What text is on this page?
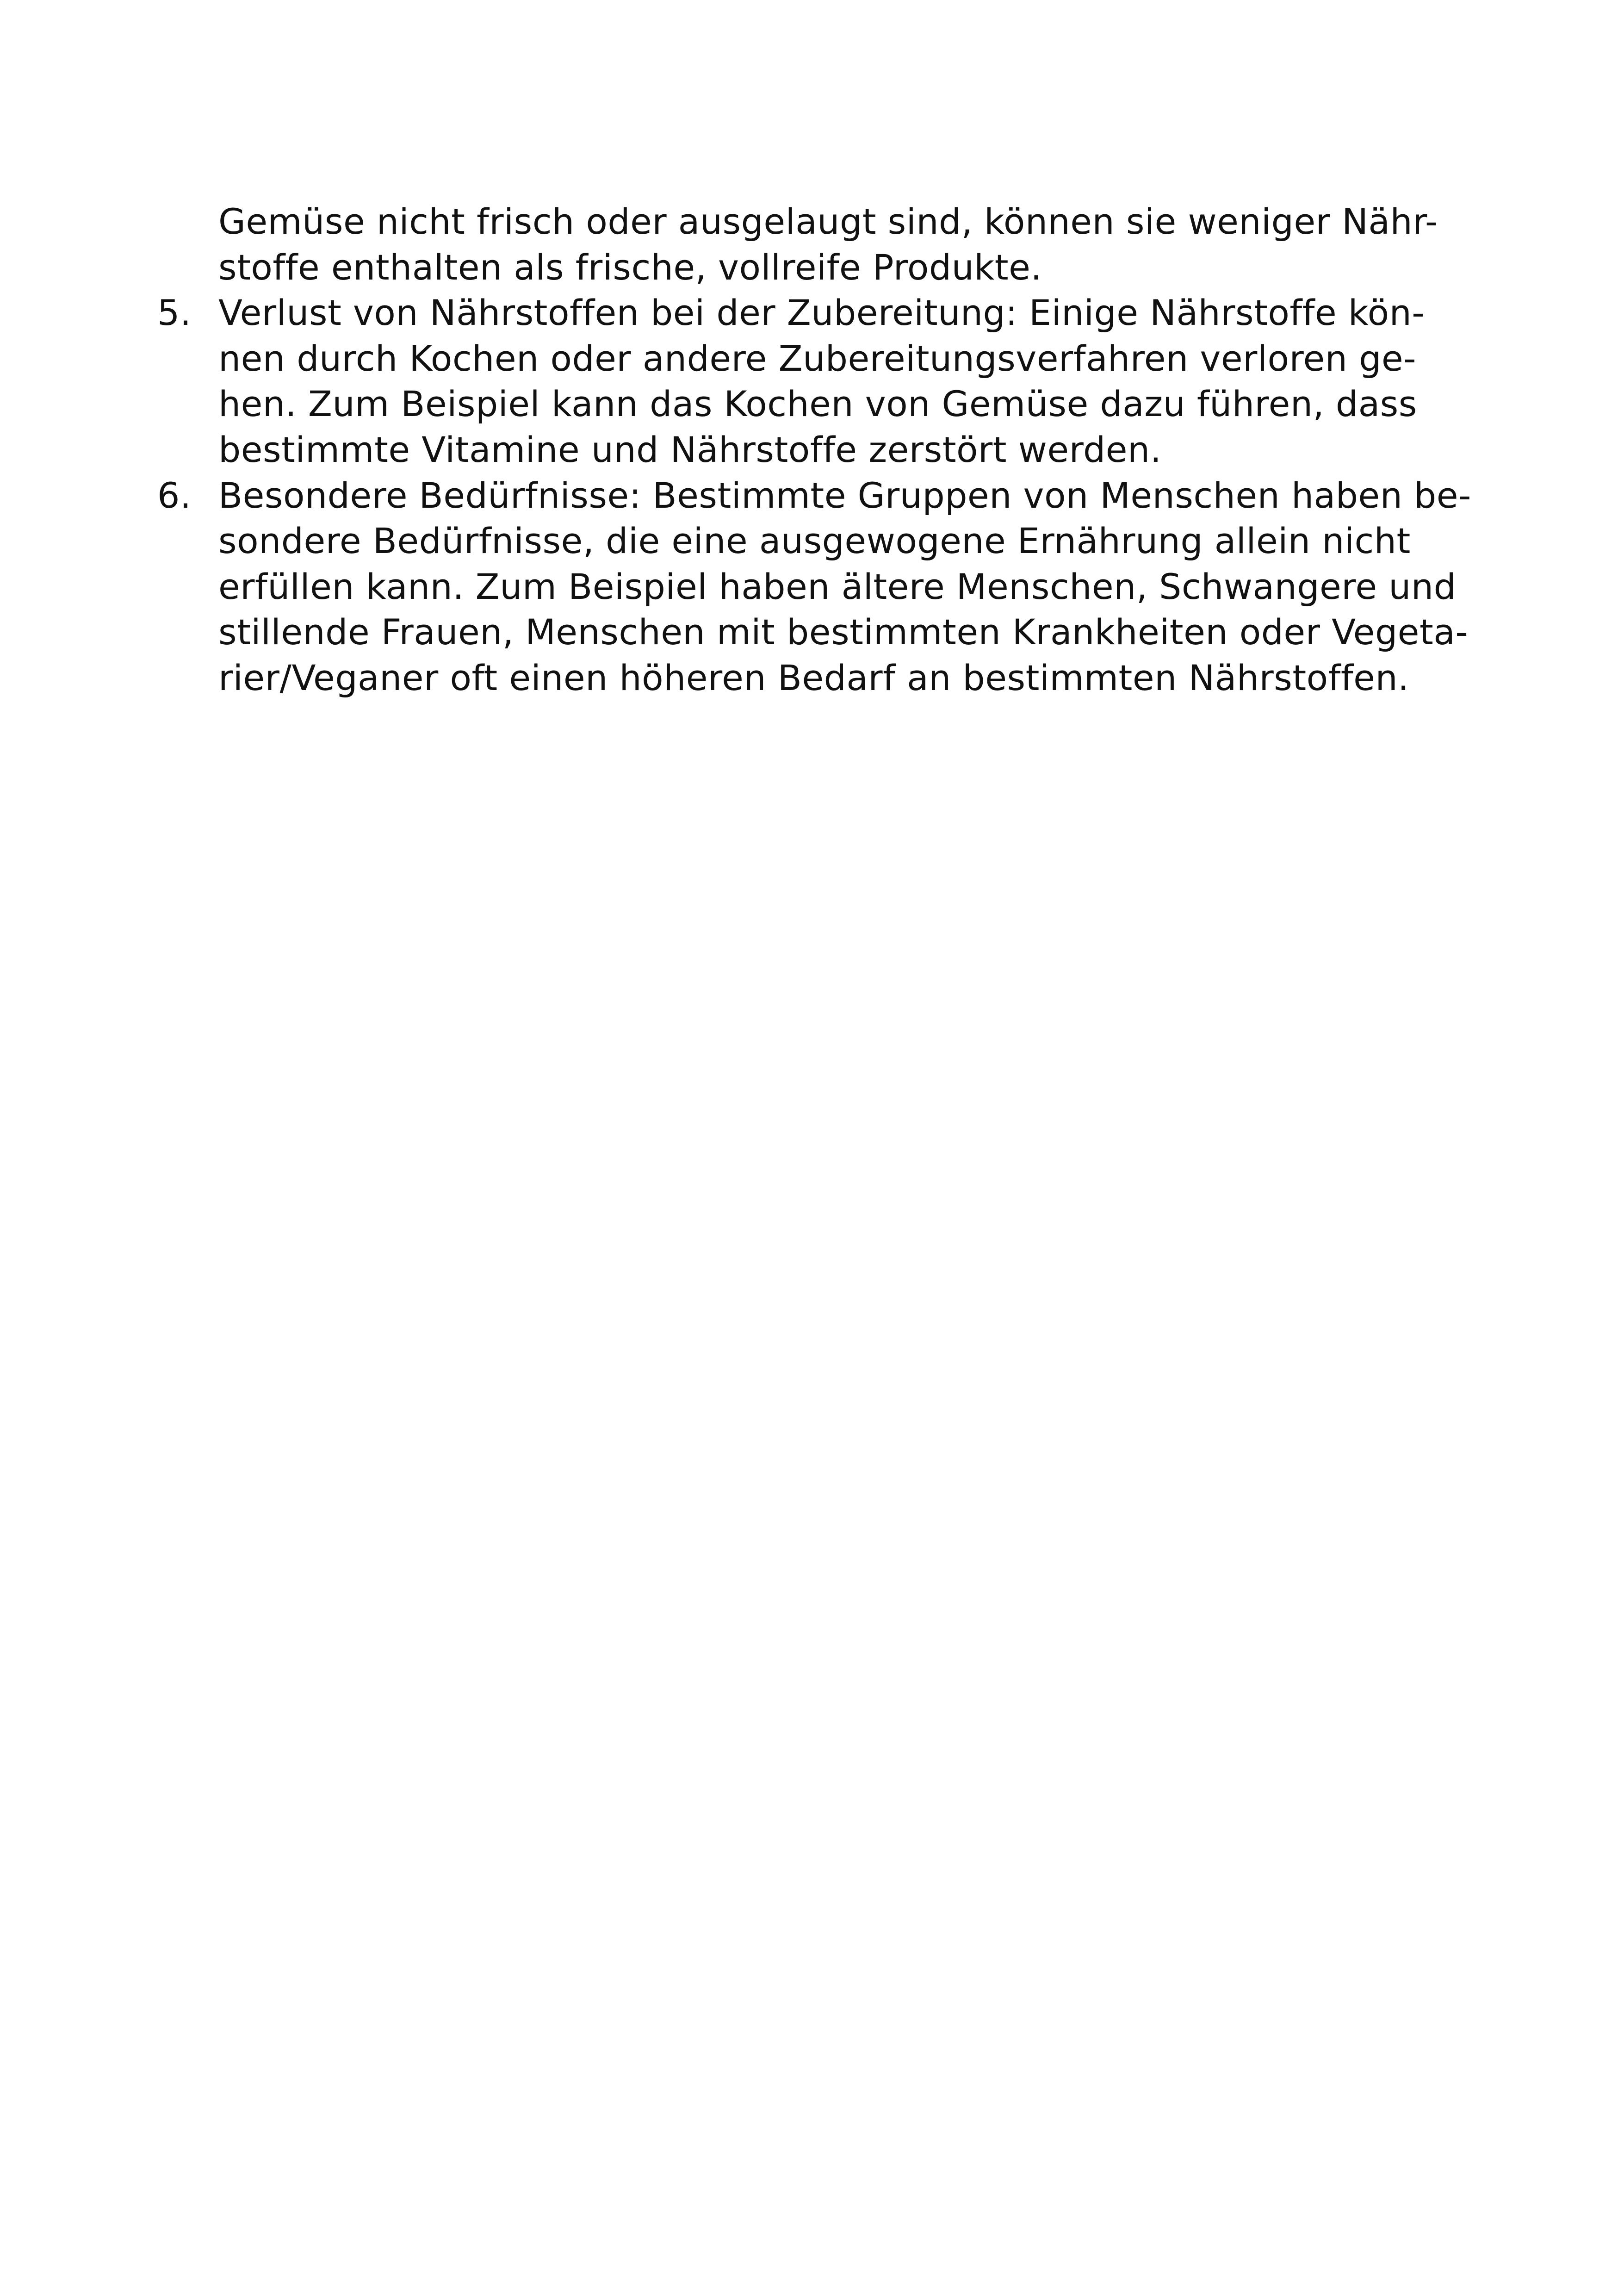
Gemüse nicht frisch oder ausgelaugt sind, können sie weniger Nähr-
stoffe enthalten als frische, vollreife Produkte.
5. Verlust von Nährstoffen bei der Zubereitung: Einige Nährstoffe kön-
nen durch Kochen oder andere Zubereitungsverfahren verloren ge-
hen. Zum Beispiel kann das Kochen von Gemüse dazu führen, dass
bestimmte Vitamine und Nährstoffe zerstört werden.
6. Besondere Bedürfnisse: Bestimmte Gruppen von Menschen haben be-
sondere Bedürfnisse, die eine ausgewogene Ernährung allein nicht
erfüllen kann. Zum Beispiel haben ältere Menschen, Schwangere und
stillende Frauen, Menschen mit bestimmten Krankheiten oder Vegeta-
rier/Veganer oft einen höheren Bedarf an bestimmten Nährstoffen.
